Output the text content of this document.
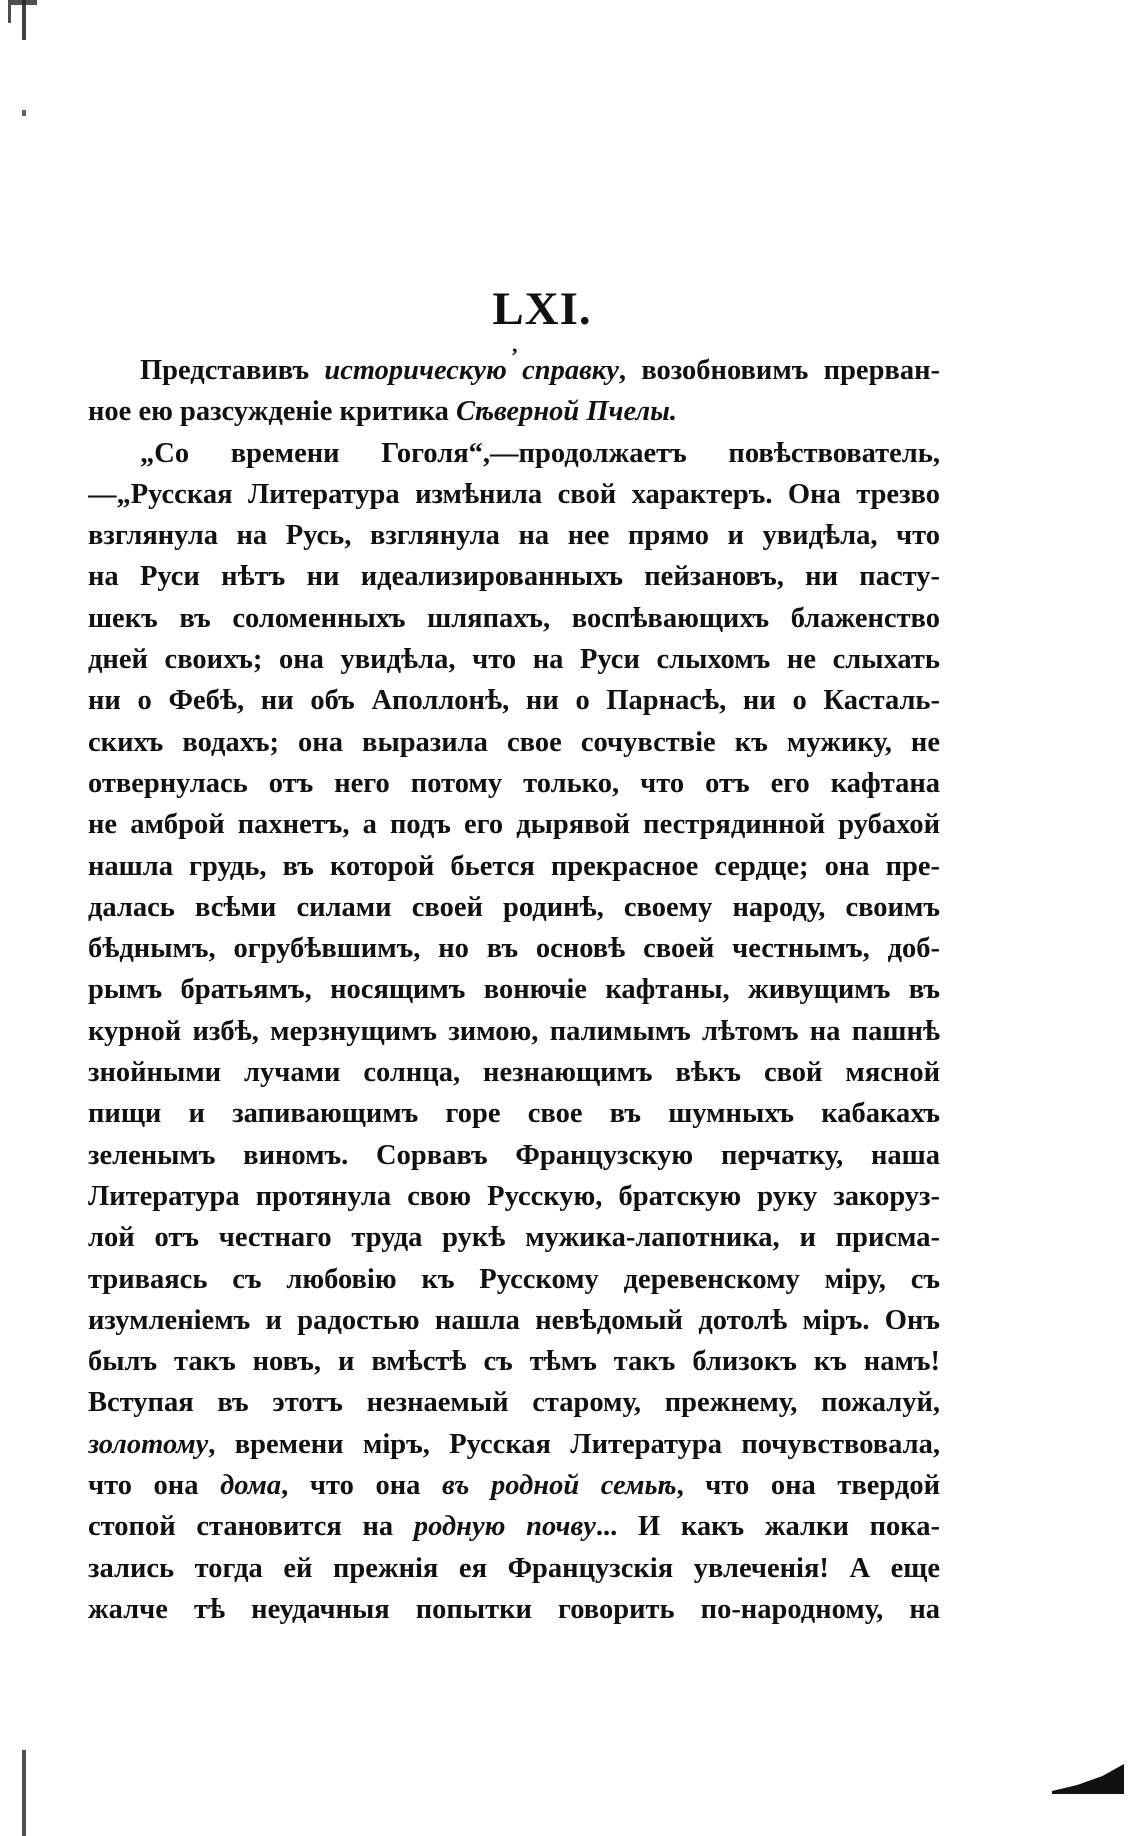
LXI.
,
Представивъ историческую справку, возобновимъ прерван-
ное ею разсужденіе критика Сѣверной Пчелы.
„Со времени Гоголя“,—продолжаетъ повѣствователь,
—„Русская Литература измѣнила свой характеръ. Она трезво
взглянула на Русь, взглянула на нее прямо и увидѣла, что
на Руси нѣтъ ни идеализированныхъ пейзановъ, ни пасту-
шекъ въ соломенныхъ шляпахъ, воспѣвающихъ блаженство
дней своихъ; она увидѣла, что на Руси слыхомъ не слыхать
ни о Фебѣ, ни объ Аполлонѣ, ни о Парнасѣ, ни о Касталь-
скихъ водахъ; она выразила свое сочувствіе къ мужику, не
отвернулась отъ него потому только, что отъ его кафтана
не амброй пахнетъ, а подъ его дырявой пестрядинной рубахой
нашла грудь, въ которой бьется прекрасное сердце; она пре-
далась всѣми силами своей родинѣ, своему народу, своимъ
бѣднымъ, огрубѣвшимъ, но въ основѣ своей честнымъ, доб-
рымъ братьямъ, носящимъ вонючіе кафтаны, живущимъ въ
курной избѣ, мерзнущимъ зимою, палимымъ лѣтомъ на пашнѣ
знойными лучами солнца, незнающимъ вѣкъ свой мясной
пищи и запивающимъ горе свое въ шумныхъ кабакахъ
зеленымъ виномъ. Сорвавъ Французскую перчатку, наша
Литература протянула свою Русскую, братскую руку закоруз-
лой отъ честнаго труда рукѣ мужика-лапотника, и присма-
триваясь съ любовію къ Русскому деревенскому міру, съ
изумленіемъ и радостью нашла невѣдомый дотолѣ міръ. Онъ
былъ такъ новъ, и вмѣстѣ съ тѣмъ такъ близокъ къ намъ!
Вступая въ этотъ незнаемый старому, прежнему, пожалуй,
золотому, времени міръ, Русская Литература почувствовала,
что она дома, что она въ родной семьѣ, что она твердой
стопой становится на родную почву... И какъ жалки пока-
зались тогда ей прежнія ея Французскія увлеченія! А еще
жалче тѣ неудачныя попытки говорить по-народному, на
